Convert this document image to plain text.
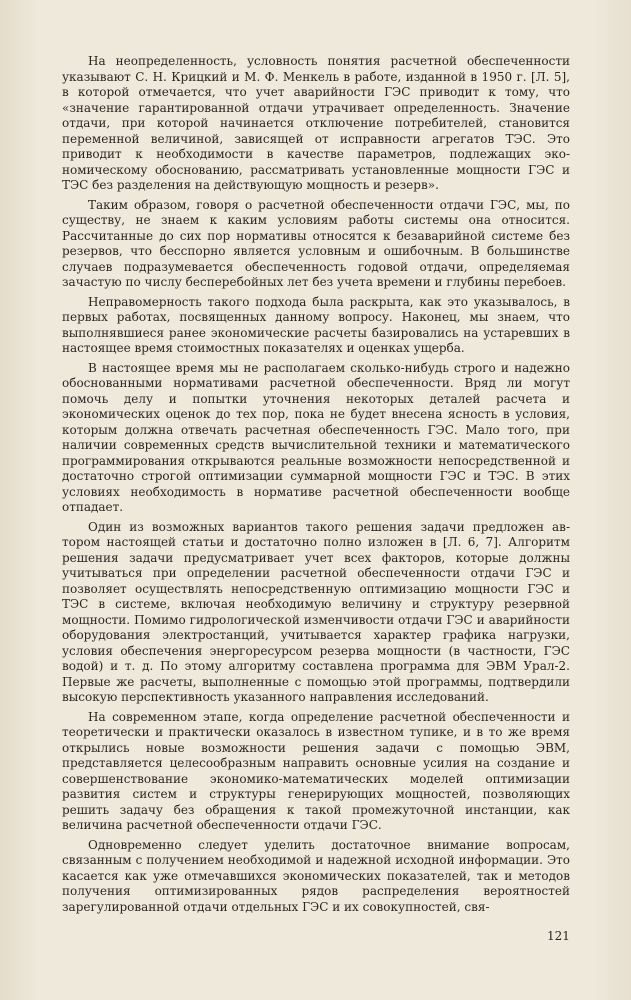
На неопределенность, условность понятия расчетной обеспеченности указывают С. Н. Крицкий и М. Ф. Менкель в работе, изданной в 1950 г. [Л. 5], в которой отмечается, что учет аварийности ГЭС приводит к тому, что «значение гарантированной отдачи утрачивает определенность. Значение отдачи, при которой начинается отключение потребителей, становится переменной величиной, зависящей от исправности агрегатов ТЭС. Это приводит к необходимости в качестве параметров, подлежащих экономическому обоснованию, рассматривать установленные мощности ГЭС и ТЭС без разделения на действующую мощность и резерв».

Таким образом, говоря о расчетной обеспеченности отдачи ГЭС, мы, по существу, не знаем к каким условиям работы системы она относится. Рассчитанные до сих пор нормативы относятся к безаварийной системе без резервов, что бесспорно является условным и ошибочным. В большинстве случаев подразумевается обеспеченность годовой отдачи, определяемая зачастую по числу бесперебойных лет без учета времени и глубины перебоев.

Неправомерность такого подхода была раскрыта, как это указывалось, в первых работах, посвященных данному вопросу. Наконец, мы знаем, что выполнявшиеся ранее экономические расчеты базировались на устаревших в настоящее время стоимостных показателях и оценках ущерба.

В настоящее время мы не располагаем сколько-нибудь строго и надежно обоснованными нормативами расчетной обеспеченности. Вряд ли могут помочь делу и попытки уточнения некоторых деталей расчета и экономических оценок до тех пор, пока не будет внесена ясность в условия, которым должна отвечать расчетная обеспеченность ГЭС. Мало того, при наличии современных средств вычислительной техники и математического программирования открываются реальные возможности непосредственной и достаточно строгой оптимизации суммарной мощности ГЭС и ТЭС. В этих условиях необходимость в нормативе расчетной обеспеченности вообще отпадает.

Один из возможных вариантов такого решения задачи предложен автором настоящей статьи и достаточно полно изложен в [Л. 6, 7]. Алгоритм решения задачи предусматривает учет всех факторов, которые должны учитываться при определении расчетной обеспеченности отдачи ГЭС и позволяет осуществлять непосредственную оптимизацию мощности ГЭС и ТЭС в системе, включая необходимую величину и структуру резервной мощности. Помимо гидрологической изменчивости отдачи ГЭС и аварийности оборудования электростанций, учитывается характер графика нагрузки, условия обеспечения энергоресурсом резерва мощности (в частности, ГЭС водой) и т. д. По этому алгоритму составлена программа для ЭВМ Урал-2. Первые же расчеты, выполненные с помощью этой программы, подтвердили высокую перспективность указанного направления исследований.

На современном этапе, когда определение расчетной обеспеченности и теоретически и практически оказалось в известном тупике, и в то же время открылись новые возможности решения задачи с помощью ЭВМ, представляется целесообразным направить основные усилия на создание и совершенствование экономико-математических моделей оптимизации развития систем и структуры генерирующих мощностей, позволяющих решить задачу без обращения к такой промежуточной инстанции, как величина расчетной обеспеченности отдачи ГЭС.

Одновременно следует уделить достаточное внимание вопросам, связанным с получением необходимой и надежной исходной информации. Это касается как уже отмечавшихся экономических показателей, так и методов получения оптимизированных рядов распределения вероятностей зарегулированной отдачи отдельных ГЭС и их совокупностей, свя-

121
